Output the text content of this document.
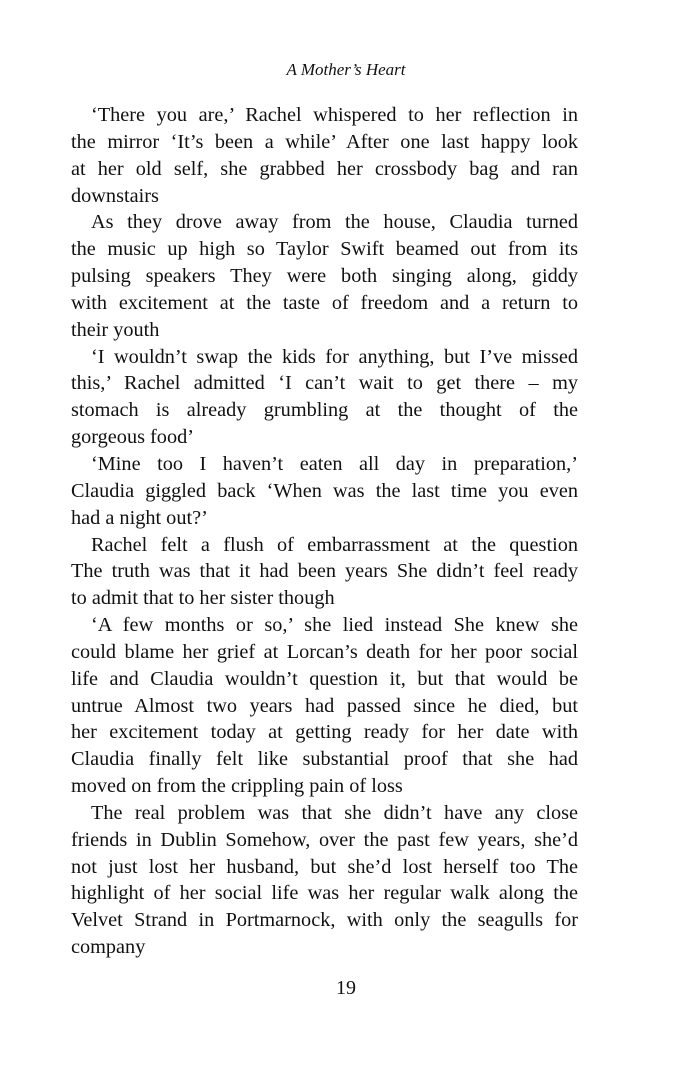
A Mother’s Heart
‘There you are,’ Rachel whispered to her reflection in
the mirror ‘It’s been a while’ After one last happy look
at her old self, she grabbed her crossbody bag and ran
downstairs
As they drove away from the house, Claudia turned
the music up high so Taylor Swift beamed out from its
pulsing speakers They were both singing along, giddy
with excitement at the taste of freedom and a return to
their youth
‘I wouldn’t swap the kids for anything, but I’ve missed
this,’ Rachel admitted ‘I can’t wait to get there – my
stomach is already grumbling at the thought of the
gorgeous food’
‘Mine too I haven’t eaten all day in preparation,’
Claudia giggled back ‘When was the last time you even
had a night out?’
Rachel felt a flush of embarrassment at the question
The truth was that it had been years She didn’t feel ready
to admit that to her sister though
‘A few months or so,’ she lied instead She knew she
could blame her grief at Lorcan’s death for her poor social
life and Claudia wouldn’t question it, but that would be
untrue Almost two years had passed since he died, but
her excitement today at getting ready for her date with
Claudia finally felt like substantial proof that she had
moved on from the crippling pain of loss
The real problem was that she didn’t have any close
friends in Dublin Somehow, over the past few years, she’d
not just lost her husband, but she’d lost herself too The
highlight of her social life was her regular walk along the
Velvet Strand in Portmarnock, with only the seagulls for
company
19
